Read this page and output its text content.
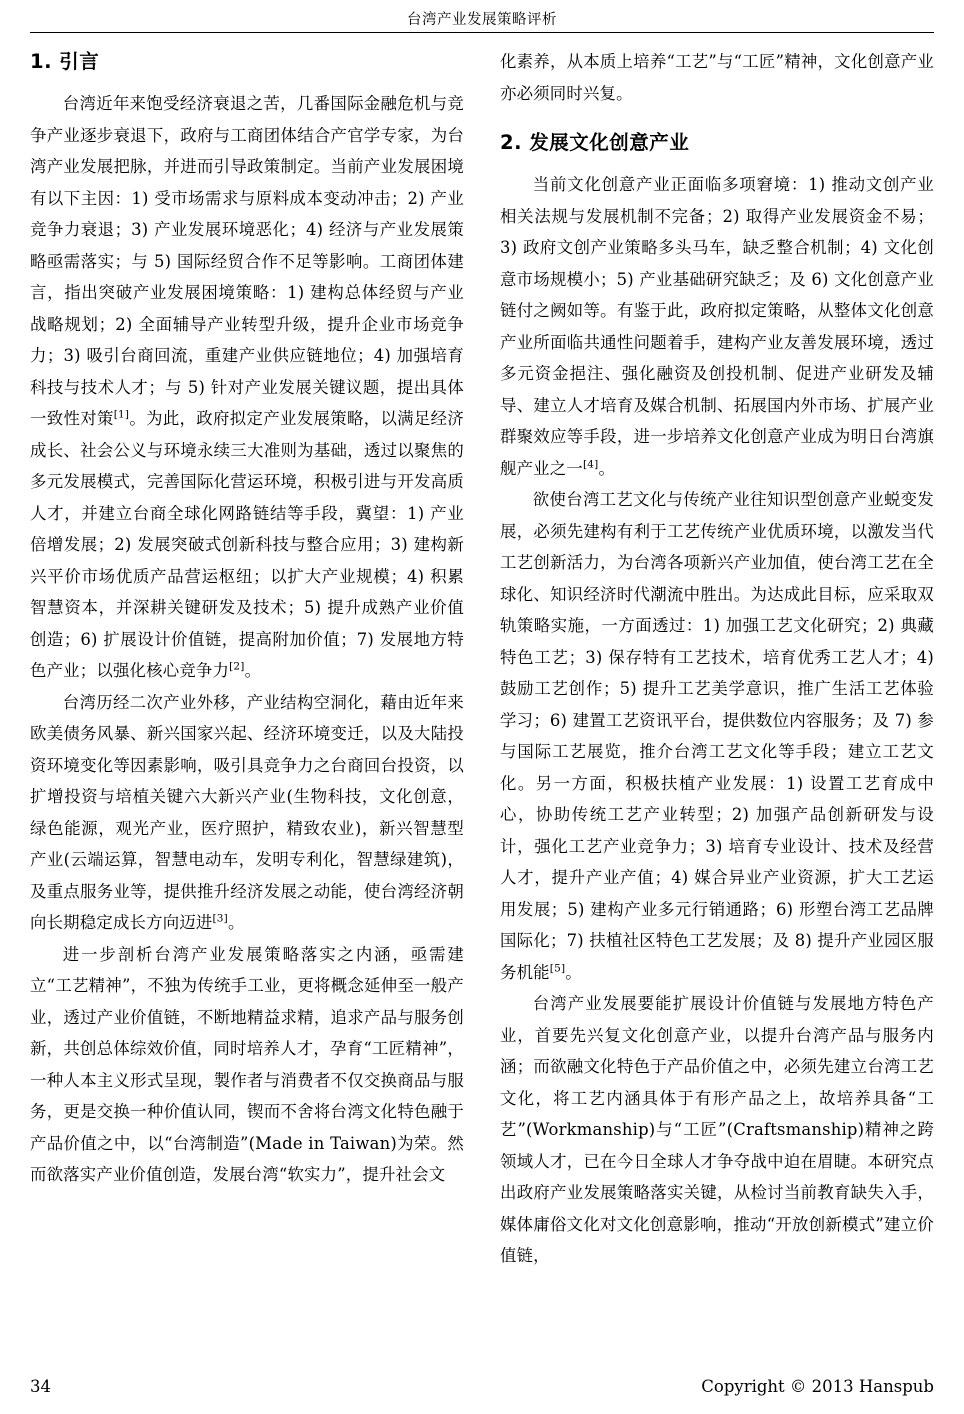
台湾产业发展策略评析
1. 引言

台湾近年来饱受经济衰退之苦，几番国际金融危机与竞争产业逐步衰退下，政府与工商团体结合产官学专家，为台湾产业发展把脉，并进而引导政策制定。当前产业发展困境有以下主因：1) 受市场需求与原料成本变动冲击；2) 产业竞争力衰退；3) 产业发展环境恶化；4) 经济与产业发展策略亟需落实；与 5) 国际经贸合作不足等影响。工商团体建言，指出突破产业发展困境策略：1) 建构总体经贸与产业战略规划；2) 全面辅导产业转型升级，提升企业市场竞争力；3) 吸引台商回流，重建产业供应链地位；4) 加强培育科技与技术人才；与 5) 针对产业发展关键议题，提出具体一致性对策[1]。为此，政府拟定产业发展策略，以满足经济成长、社会公义与环境永续三大准则为基础，透过以聚焦的多元发展模式，完善国际化营运环境，积极引进与开发高质人才，并建立台商全球化网路链结等手段，冀望：1) 产业倍增发展；2) 发展突破式创新科技与整合应用；3) 建构新兴平价市场优质产品营运枢纽；以扩大产业规模；4) 积累智慧资本，并深耕关键研发及技术；5) 提升成熟产业价值创造；6) 扩展设计价值链，提高附加价值；7) 发展地方特色产业；以强化核心竞争力[2]。

台湾历经二次产业外移，产业结构空洞化，藉由近年来欧美债务风暴、新兴国家兴起、经济环境变迁，以及大陆投资环境变化等因素影响，吸引具竞争力之台商回台投资，以扩增投资与培植关键六大新兴产业(生物科技，文化创意，绿色能源，观光产业，医疗照护，精致农业)，新兴智慧型产业(云端运算，智慧电动车，发明专利化，智慧绿建筑)，及重点服务业等，提供推升经济发展之动能，使台湾经济朝向长期稳定成长方向迈进[3]。

进一步剖析台湾产业发展策略落实之内涵，亟需建立“工艺精神”，不独为传统手工业，更将概念延伸至一般产业，透过产业价值链，不断地精益求精，追求产品与服务创新，共创总体综效价值，同时培养人才，孕育“工匠精神”，一种人本主义形式呈现，製作者与消费者不仅交换商品与服务，更是交换一种价值认同，锲而不舍将台湾文化特色融于产品价值之中，以“台湾制造”(Made in Taiwan)为荣。然而欲落实产业价值创造，发展台湾“软实力”，提升社会文

化素养，从本质上培养“工艺”与“工匠”精神，文化创意产业亦必须同时兴复。

2. 发展文化创意产业

当前文化创意产业正面临多项窘境：1) 推动文创产业相关法规与发展机制不完备；2) 取得产业发展资金不易；3) 政府文创产业策略多头马车，缺乏整合机制；4) 文化创意市场规模小；5) 产业基础研究缺乏；及 6) 文化创意产业链付之阙如等。有鉴于此，政府拟定策略，从整体文化创意产业所面临共通性问题着手，建构产业友善发展环境，透过多元资金挹注、强化融资及创投机制、促进产业研发及辅导、建立人才培育及媒合机制、拓展国内外市场、扩展产业群聚效应等手段，进一步培养文化创意产业成为明日台湾旗舰产业之一[4]。

欲使台湾工艺文化与传统产业往知识型创意产业蜕变发展，必须先建构有利于工艺传统产业优质环境，以激发当代工艺创新活力，为台湾各项新兴产业加值，使台湾工艺在全球化、知识经济时代潮流中胜出。为达成此目标，应采取双轨策略实施，一方面透过：1) 加强工艺文化研究；2) 典藏特色工艺；3) 保存特有工艺技术，培育优秀工艺人才；4) 鼓励工艺创作；5) 提升工艺美学意识，推广生活工艺体验学习；6) 建置工艺资讯平台，提供数位内容服务；及 7) 参与国际工艺展览，推介台湾工艺文化等手段；建立工艺文化。另一方面，积极扶植产业发展：1) 设置工艺育成中心，协助传统工艺产业转型；2) 加强产品创新研发与设计，强化工艺产业竞争力；3) 培育专业设计、技术及经营人才，提升产业产值；4) 媒合异业产业资源，扩大工艺运用发展；5) 建构产业多元行销通路；6) 形塑台湾工艺品牌国际化；7) 扶植社区特色工艺发展；及 8) 提升产业园区服务机能[5]。

台湾产业发展要能扩展设计价值链与发展地方特色产业，首要先兴复文化创意产业，以提升台湾产品与服务内涵；而欲融文化特色于产品价值之中，必须先建立台湾工艺文化，将工艺内涵具体于有形产品之上，故培养具备“工艺”(Workmanship)与“工匠”(Craftsmanship)精神之跨领域人才，已在今日全球人才争夺战中迫在眉睫。本研究点出政府产业发展策略落实关键，从检讨当前教育缺失入手，媒体庸俗文化对文化创意影响，推动“开放创新模式”建立价值链，

34	Copyright © 2013 Hanspub
